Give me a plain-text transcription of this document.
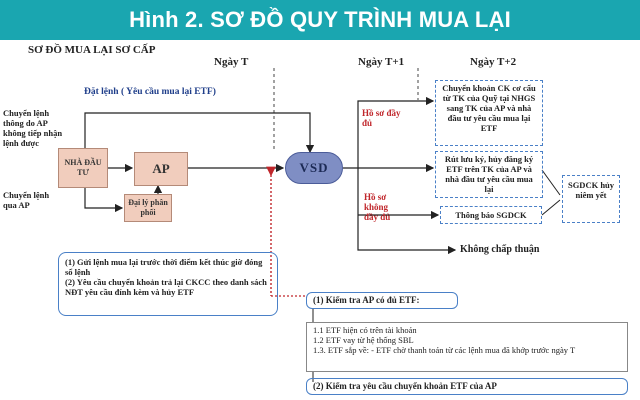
Hình 2. SƠ ĐỒ QUY TRÌNH MUA LẠI
SƠ ĐỒ MUA LẠI SƠ CẤP
Ngày T	Ngày T+1	Ngày T+2
Đặt lệnh ( Yêu cầu mua lại ETF)
Chuyển lệnh thông do AP không tiếp nhận lệnh được
Chuyển lệnh qua AP
NHÀ ĐẦU TƯ	AP
Đại lý phân phối
VSD
Hồ sơ đầy đủ
Hồ sơ không đầy đủ
Chuyển khoản CK cơ cấu từ TK của Quỹ tại NHGS sang TK của AP và nhà đầu tư yêu cầu mua lại ETF
Rút lưu ký, hủy đăng ký ETF trên TK của AP và nhà đầu tư yêu cầu mua lại
Thông báo SGDCK
SGDCK hủy niêm yết
Không chấp thuận
(1) Gửi lệnh mua lại trước thời điểm kết thúc giờ đóng sổ lệnh
(2) Yêu cầu chuyển khoản trả lại CKCC theo danh sách NĐT yêu cầu đính kèm và hủy ETF
(1) Kiểm tra AP có đủ ETF:
1.1 ETF hiện có trên tài khoản
1.2 ETF vay từ hệ thống SBL
1.3. ETF sắp về: - ETF chờ thanh toán từ các lệnh mua đã khớp trước ngày T
(2) Kiểm tra yêu cầu chuyển khoản ETF của AP
